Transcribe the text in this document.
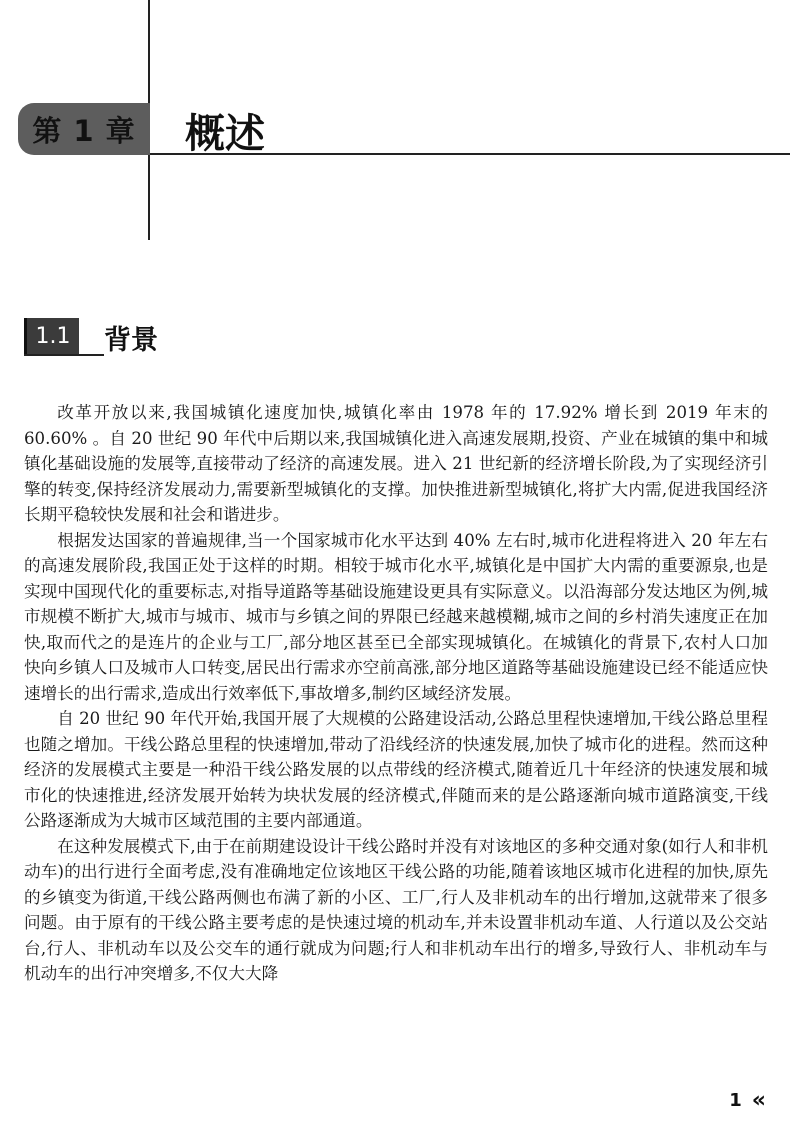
第 1 章 概述
1.1 背景

改革开放以来,我国城镇化速度加快,城镇化率由 1978 年的 17.92% 增长到 2019 年末的 60.60% 。自 20 世纪 90 年代中后期以来,我国城镇化进入高速发展期,投资、产业在城镇的集中和城镇化基础设施的发展等,直接带动了经济的高速发展。进入 21 世纪新的经济增长阶段,为了实现经济引擎的转变,保持经济发展动力,需要新型城镇化的支撑。加快推进新型城镇化,将扩大内需,促进我国经济长期平稳较快发展和社会和谐进步。

根据发达国家的普遍规律,当一个国家城市化水平达到 40% 左右时,城市化进程将进入 20 年左右的高速发展阶段,我国正处于这样的时期。相较于城市化水平,城镇化是中国扩大内需的重要源泉,也是实现中国现代化的重要标志,对指导道路等基础设施建设更具有实际意义。以沿海部分发达地区为例,城市规模不断扩大,城市与城市、城市与乡镇之间的界限已经越来越模糊,城市之间的乡村消失速度正在加快,取而代之的是连片的企业与工厂,部分地区甚至已全部实现城镇化。在城镇化的背景下,农村人口加快向乡镇人口及城市人口转变,居民出行需求亦空前高涨,部分地区道路等基础设施建设已经不能适应快速增长的出行需求,造成出行效率低下,事故增多,制约区域经济发展。

自 20 世纪 90 年代开始,我国开展了大规模的公路建设活动,公路总里程快速增加,干线公路总里程也随之增加。干线公路总里程的快速增加,带动了沿线经济的快速发展,加快了城市化的进程。然而这种经济的发展模式主要是一种沿干线公路发展的以点带线的经济模式,随着近几十年经济的快速发展和城市化的快速推进,经济发展开始转为块状发展的经济模式,伴随而来的是公路逐渐向城市道路演变,干线公路逐渐成为大城市区域范围的主要内部通道。

在这种发展模式下,由于在前期建设设计干线公路时并没有对该地区的多种交通对象(如行人和非机动车)的出行进行全面考虑,没有准确地定位该地区干线公路的功能,随着该地区城市化进程的加快,原先的乡镇变为街道,干线公路两侧也布满了新的小区、工厂,行人及非机动车的出行增加,这就带来了很多问题。由于原有的干线公路主要考虑的是快速过境的机动车,并未设置非机动车道、人行道以及公交站台,行人、非机动车以及公交车的通行就成为问题;行人和非机动车出行的增多,导致行人、非机动车与机动车的出行冲突增多,不仅大大降

1 «
